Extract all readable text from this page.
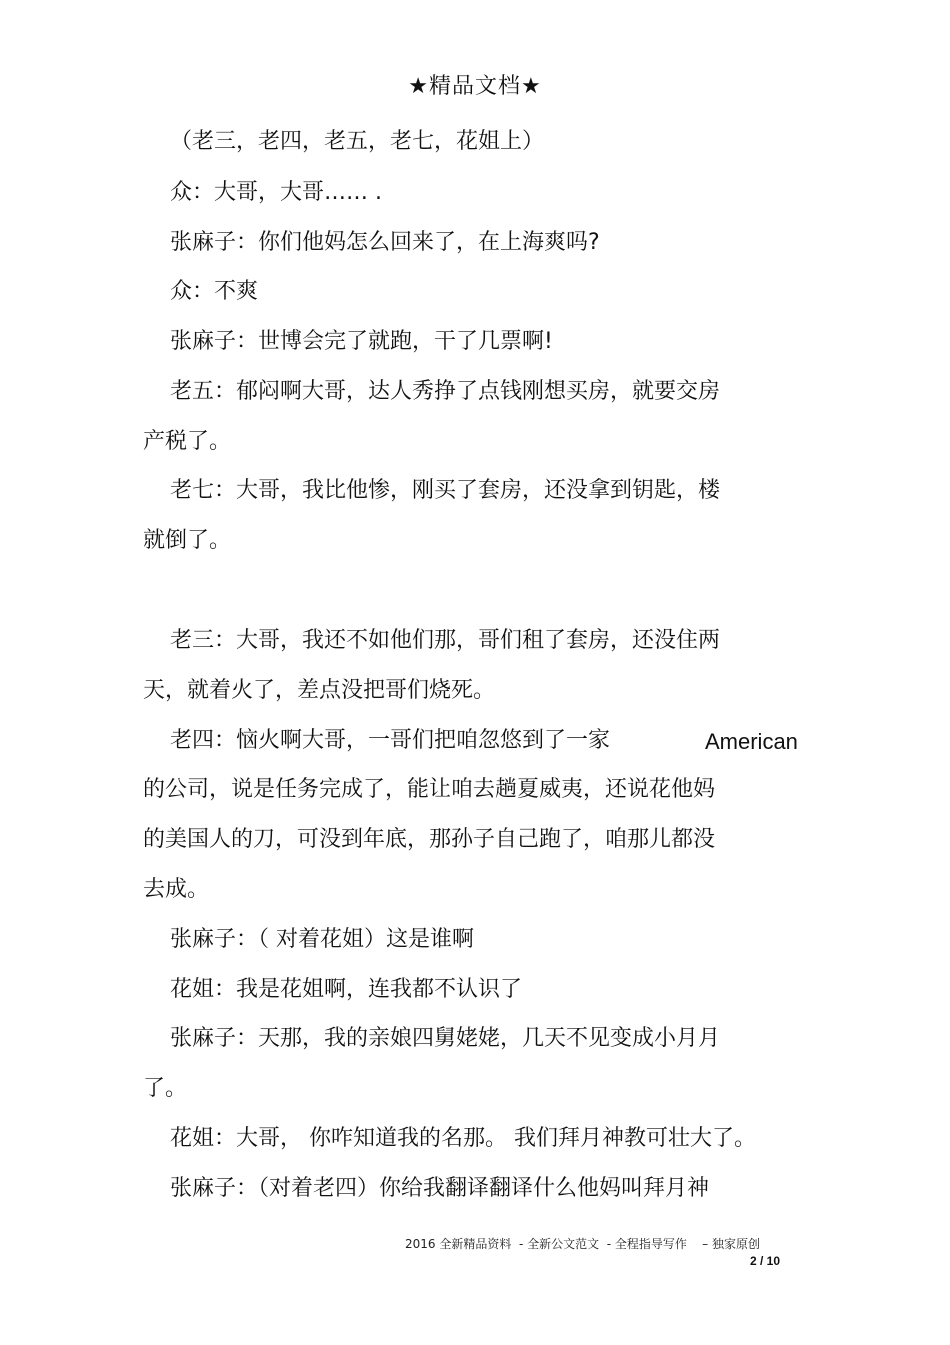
★精品文档★
（老三，老四，老五，老七，花姐上）
众：大哥，大哥…… .
张麻子：你们他妈怎么回来了，在上海爽吗?
众：不爽
张麻子：世博会完了就跑，干了几票啊!
老五：郁闷啊大哥，达人秀挣了点钱刚想买房，就要交房
产税了。
老七：大哥，我比他惨，刚买了套房，还没拿到钥匙，楼
就倒了。
老三：大哥，我还不如他们那，哥们租了套房，还没住两
天，就着火了，差点没把哥们烧死。
老四：恼火啊大哥，一哥们把咱忽悠到了一家	American
的公司，说是任务完成了，能让咱去趟夏威夷，还说花他妈
的美国人的刀，可没到年底，那孙子自己跑了，咱那儿都没
去成。
张麻子：（ 对着花姐）这是谁啊
花姐：我是花姐啊，连我都不认识了
张麻子：天那，我的亲娘四舅姥姥，几天不见变成小月月
了。
花姐：大哥， 你咋知道我的名那。 我们拜月神教可壮大了。
张麻子：（对着老四）你给我翻译翻译什么他妈叫拜月神
2016 全新精品资料  - 全新公文范文  - 全程指导写作    – 独家原创
2 / 10
